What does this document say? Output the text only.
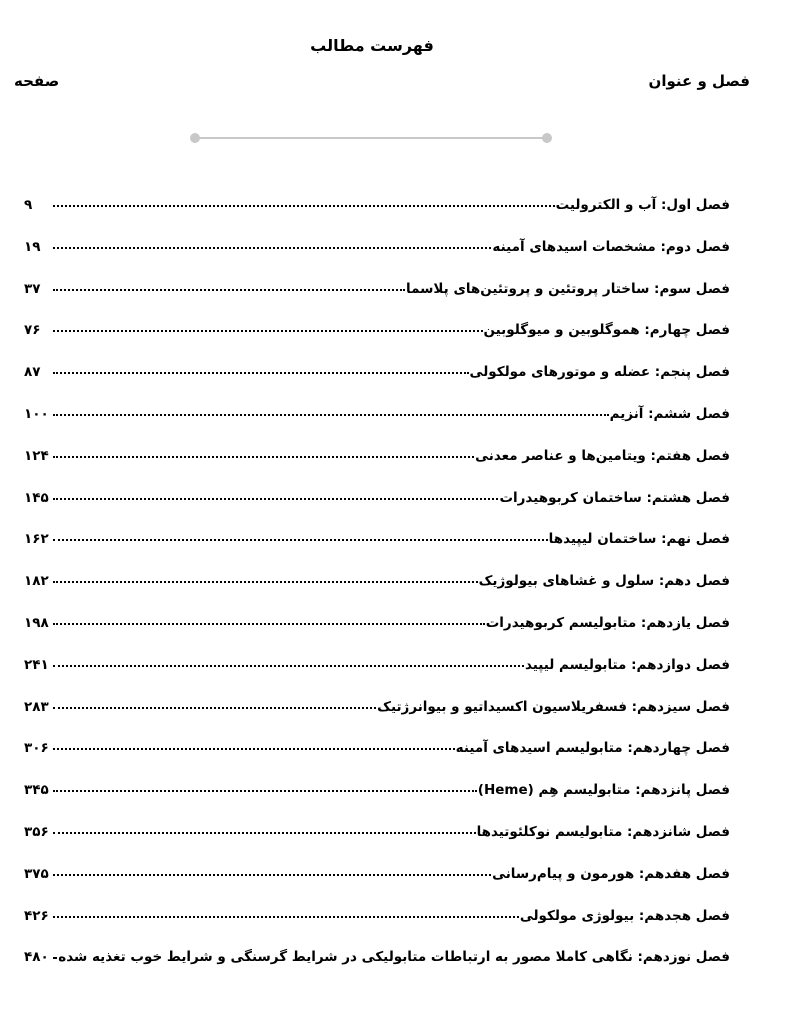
فهرست مطالب
فصل و عنوان
صفحه
فصل اول: آب و الکترولیت
۹
فصل دوم: مشخصات اسیدهای آمینه
۱۹
فصل سوم: ساختار پروتئین و پروتئین‌های پلاسما
۳۷
فصل چهارم: هموگلوبین و میوگلوبین
۷۶
فصل پنجم: عضله و موتورهای مولکولی
۸۷
فصل ششم: آنزیم
۱۰۰
فصل هفتم: ویتامین‌ها و عناصر معدنی
۱۲۴
فصل هشتم: ساختمان کربوهیدرات
۱۴۵
فصل نهم: ساختمان لیپیدها
۱۶۲
فصل دهم: سلول و غشاهای بیولوژیک
۱۸۲
فصل یازدهم: متابولیسم کربوهیدرات
۱۹۸
فصل دوازدهم: متابولیسم لیپید
۲۴۱
فصل سیزدهم: فسفریلاسیون اکسیداتیو و بیوانرژتیک
۲۸۳
فصل چهاردهم: متابولیسم اسیدهای آمینه
۳۰۶
فصل پانزدهم: متابولیسم هِم (Heme)
۳۴۵
فصل شانزدهم: متابولیسم نوکلئوتیدها
۳۵۶
فصل هفدهم: هورمون و پیام‌رسانی
۳۷۵
فصل هجدهم: بیولوژی مولکولی
۴۲۶
فصل نوزدهم: نگاهی کاملا مصور به ارتباطات متابولیکی در شرایط گرسنگی و شرایط خوب تغذیه شده
۴۸۰
